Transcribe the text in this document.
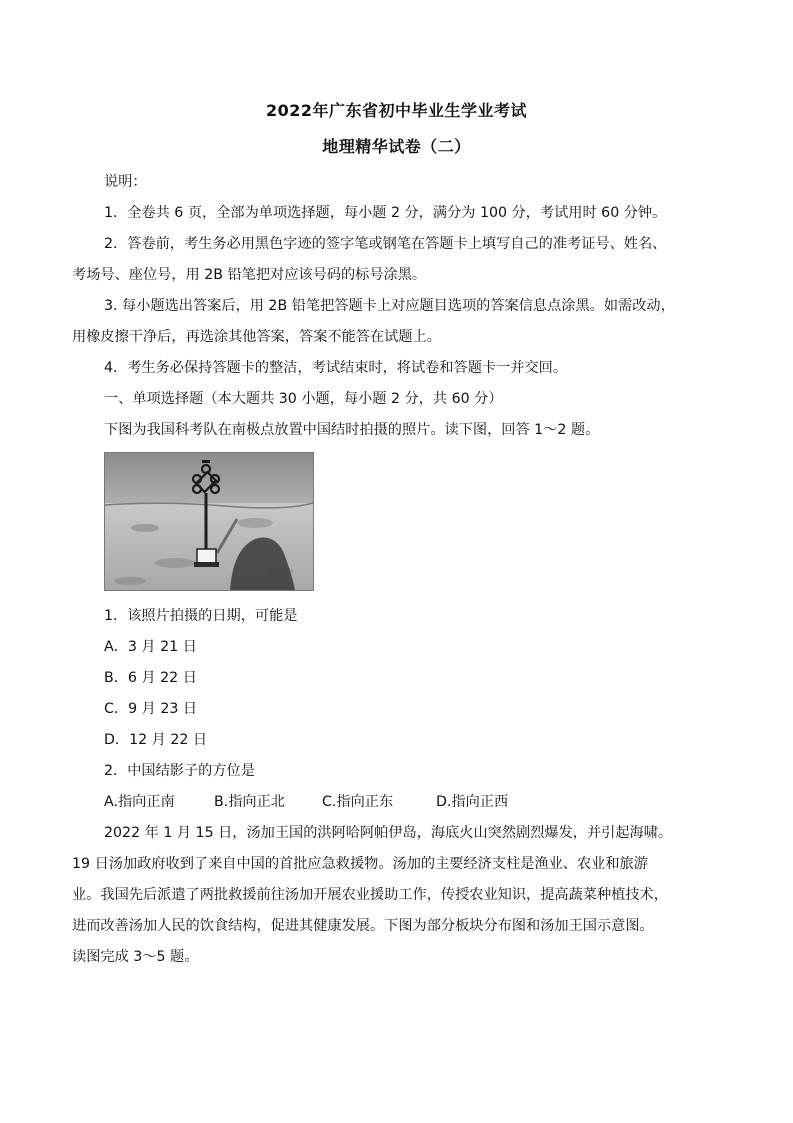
2022年广东省初中毕业生学业考试
地理精华试卷（二）
说明：
1．全卷共 6 页，全部为单项选择题，每小题 2 分，满分为 100 分，考试用时 60 分钟。
2．答卷前，考生务必用黑色字迹的签字笔或钢笔在答题卡上填写自己的准考证号、姓名、
考场号、座位号，用 2B 铅笔把对应该号码的标号涂黑。
3. 每小题选出答案后，用 2B 铅笔把答题卡上对应题目选项的答案信息点涂黑。如需改动，
用橡皮擦干净后，再选涂其他答案，答案不能答在试题上。
4．考生务必保持答题卡的整洁，考试结束时，将试卷和答题卡一并交回。
一、单项选择题（本大题共 30 小题，每小题 2 分，共 60 分）
下图为我国科考队在南极点放置中国结时拍摄的照片。读下图，回答 1～2 题。
1．该照片拍摄的日期，可能是
A．3 月 21 日
B．6 月 22 日
C．9 月 23 日
D．12 月 22 日
2．中国结影子的方位是
A.指向正南	B.指向正北	C.指向正东	D.指向正西
2022 年 1 月 15 日，汤加王国的洪阿哈阿帕伊岛，海底火山突然剧烈爆发，并引起海啸。
19 日汤加政府收到了来自中国的首批应急救援物。汤加的主要经济支柱是渔业、农业和旅游
业。我国先后派遣了两批救援前往汤加开展农业援助工作，传授农业知识，提高蔬菜种植技术，
进而改善汤加人民的饮食结构，促进其健康发展。下图为部分板块分布图和汤加王国示意图。
读图完成 3～5 题。
